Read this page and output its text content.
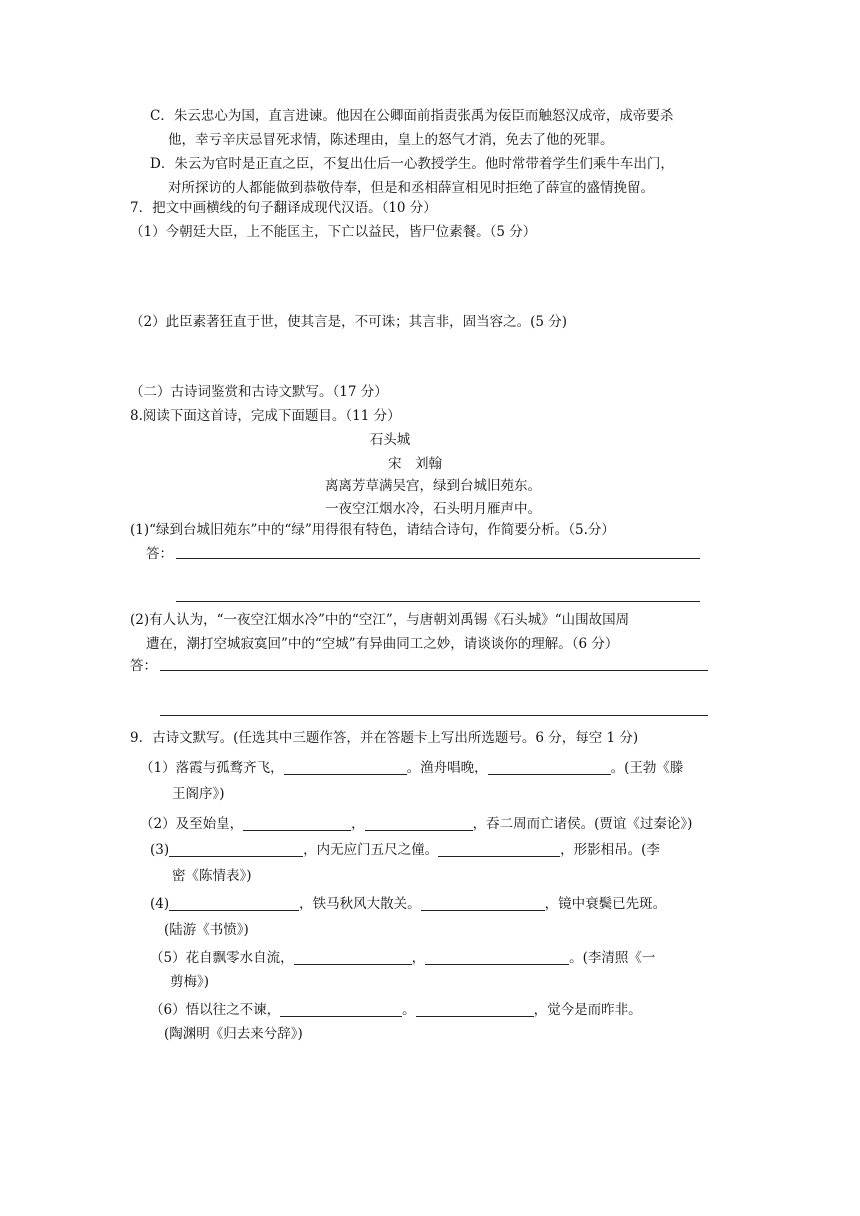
C．朱云忠心为国，直言进谏。他因在公卿面前指责张禹为佞臣而触怒汉成帝，成帝要杀
他，幸亏辛庆忌冒死求情，陈述理由，皇上的怒气才消，免去了他的死罪。
D．朱云为官时是正直之臣，不复出仕后一心教授学生。他时常带着学生们乘牛车出门，
对所探访的人都能做到恭敬侍奉，但是和丞相薛宣相见时拒绝了薛宣的盛情挽留。
7．把文中画横线的句子翻译成现代汉语。（10 分）
（1）今朝廷大臣，上不能匡主，下亡以益民，皆尸位素餐。（5 分）
（2）此臣素著狂直于世，使其言是，不可诛；其言非，固当容之。(5 分)
（二）古诗词鉴赏和古诗文默写。（17 分）
8.阅读下面这首诗，完成下面题目。（11 分）
石头城
宋　刘翰
离离芳草满吴宫，绿到台城旧苑东。
一夜空江烟水冷，石头明月雁声中。
(1)“绿到台城旧苑东”中的“绿”用得很有特色，请结合诗句，作简要分析。（5.分）
答：
(2)有人认为，“一夜空江烟水冷”中的“空江”，与唐朝刘禹锡《石头城》“山围故国周
遭在，潮打空城寂寞回”中的“空城”有异曲同工之妙，请谈谈你的理解。（6 分）
答：
9．古诗文默写。(任选其中三题作答，并在答题卡上写出所选题号。6 分，每空 1 分)
（1）落霞与孤鹜齐飞，	。渔舟唱晚，	。(王勃《滕
王阁序》)
（2）及至始皇，	，	，吞二周而亡诸侯。(贾谊《过秦论》)
(3)	，内无应门五尺之僮。	，形影相吊。(李
密《陈情表》)
(4)	，铁马秋风大散关。	，镜中衰鬓已先斑。
(陆游《书愤》)
（5）花自飘零水自流，	，	。(李清照《一
剪梅》)
（6）悟以往之不谏，	。	，觉今是而昨非。
(陶渊明《归去来兮辞》)
